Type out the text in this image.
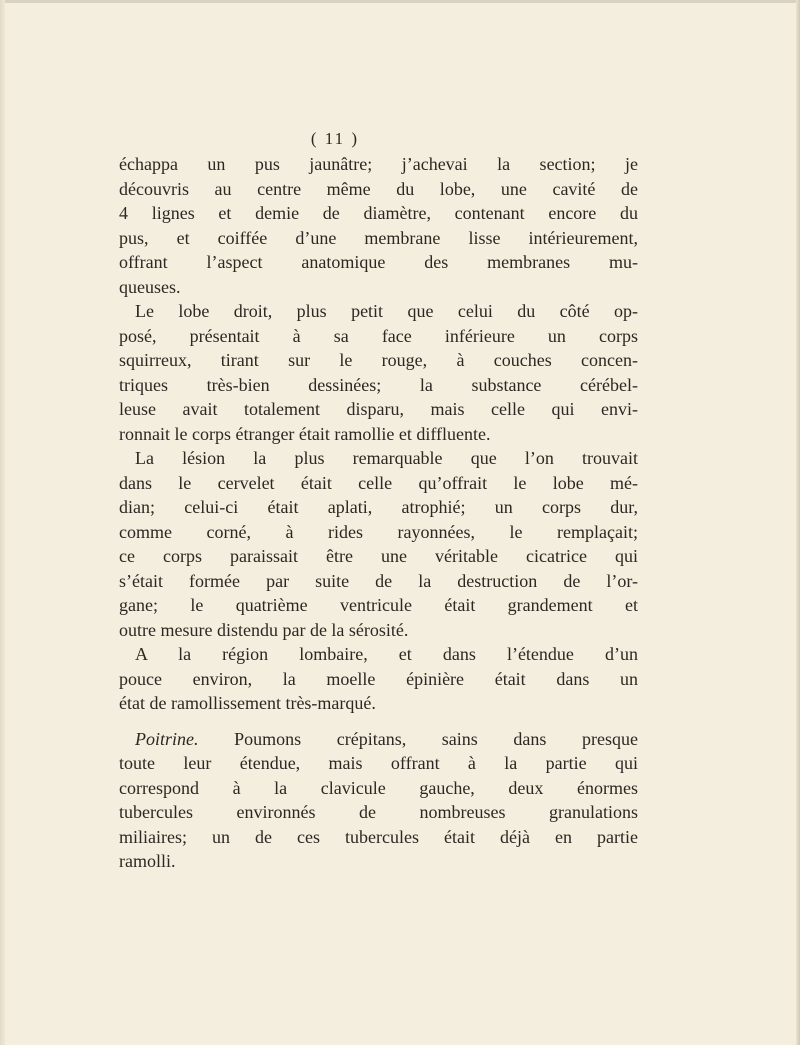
( 11 )

échappa un pus jaunâtre; j’achevai la section; je
découvris au centre même du lobe, une cavité de
4 lignes et demie de diamètre, contenant encore du
pus, et coiffée d’une membrane lisse intérieurement,
offrant l’aspect anatomique des membranes mu-
queuses.

Le lobe droit, plus petit que celui du côté op-
posé, présentait à sa face inférieure un corps
squirreux, tirant sur le rouge, à couches concen-
triques très-bien dessinées; la substance cérébel-
leuse avait totalement disparu, mais celle qui envi-
ronnait le corps étranger était ramollie et diffluente.

La lésion la plus remarquable que l’on trouvait
dans le cervelet était celle qu’offrait le lobe mé-
dian; celui-ci était aplati, atrophié; un corps dur,
comme corné, à rides rayonnées, le remplaçait;
ce corps paraissait être une véritable cicatrice qui
s’était formée par suite de la destruction de l’or-
gane; le quatrième ventricule était grandement et
outre mesure distendu par de la sérosité.

A la région lombaire, et dans l’étendue d’un
pouce environ, la moelle épinière était dans un
état de ramollissement très-marqué.

Poitrine. Poumons crépitans, sains dans presque
toute leur étendue, mais offrant à la partie qui
correspond à la clavicule gauche, deux énormes
tubercules environnés de nombreuses granulations
miliaires; un de ces tubercules était déjà en partie
ramolli.
